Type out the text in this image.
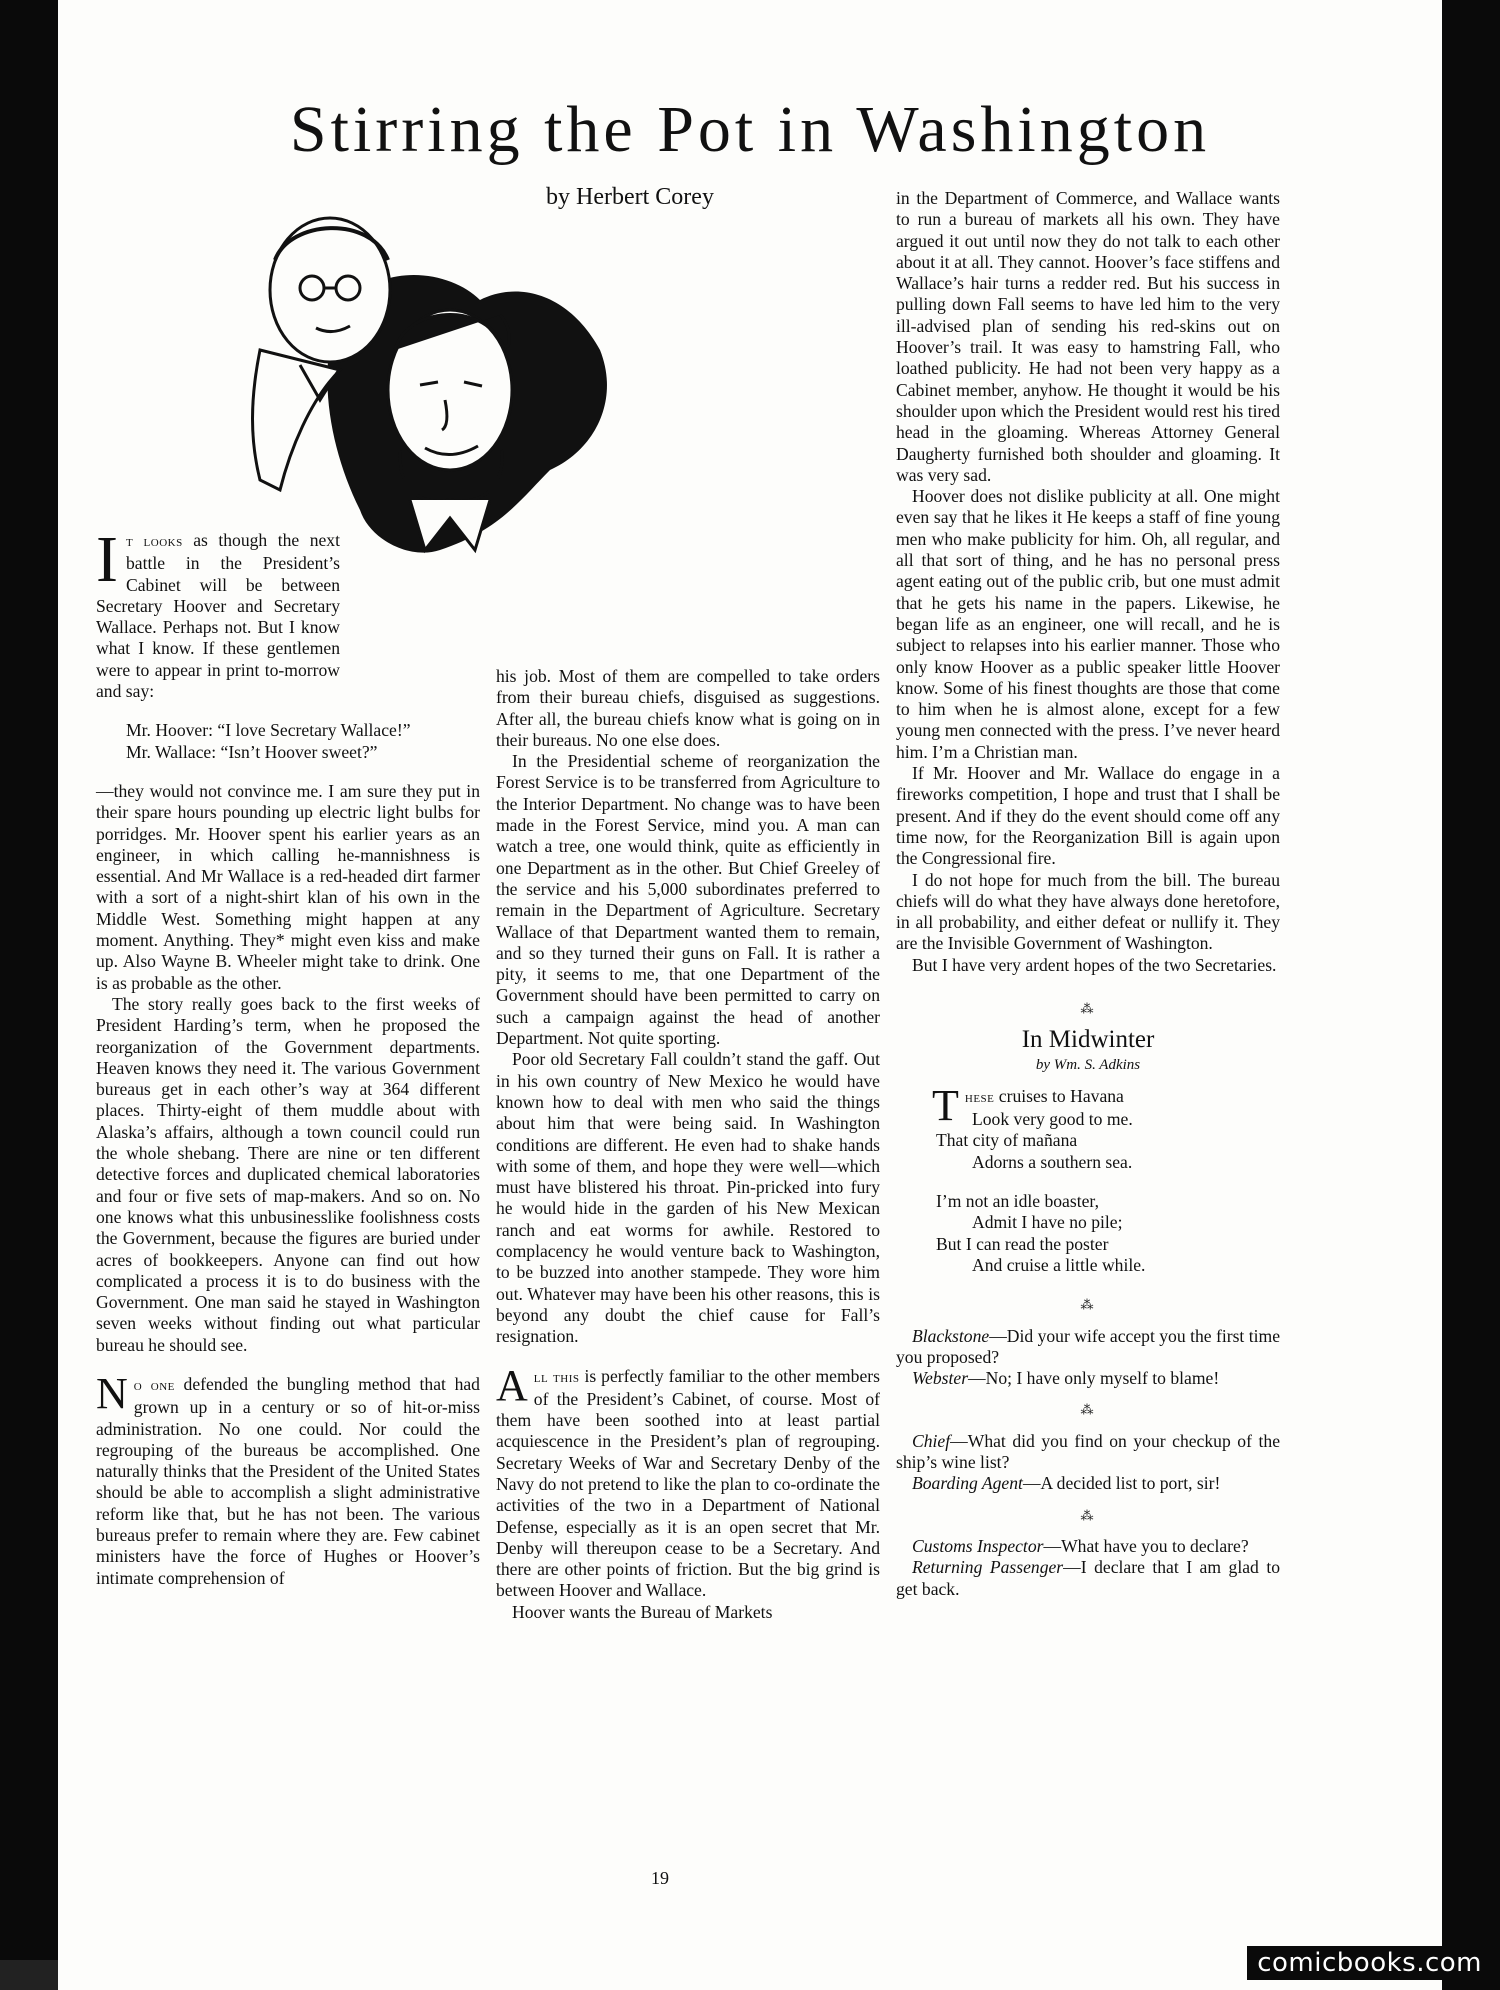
Stirring the Pot in Washington
by Herbert Corey

It looks as though the next battle in the President’s Cabinet will be between Secretary Hoover and Secretary Wallace. Perhaps not. But I know what I know. If these gentlemen were to appear in print to-morrow and say:

Mr. Hoover: “I love Secretary Wallace!”

Mr. Wallace: “Isn’t Hoover sweet?”

—they would not convince me. I am sure they put in their spare hours pounding up electric light bulbs for porridges. Mr. Hoover spent his earlier years as an engineer, in which calling he-mannishness is essential. And Mr Wallace is a red-headed dirt farmer with a sort of a night-shirt klan of his own in the Middle West. Something might happen at any moment. Anything. They* might even kiss and make up. Also Wayne B. Wheeler might take to drink. One is as probable as the other.

The story really goes back to the first weeks of President Harding’s term, when he proposed the reorganization of the Government departments. Heaven knows they need it. The various Government bureaus get in each other’s way at 364 different places. Thirty-eight of them muddle about with Alaska’s affairs, although a town council could run the whole shebang. There are nine or ten different detective forces and duplicated chemical laboratories and four or five sets of map-makers. And so on. No one knows what this unbusinesslike foolishness costs the Government, because the figures are buried under acres of bookkeepers. Anyone can find out how complicated a process it is to do business with the Government. One man said he stayed in Washington seven weeks without finding out what particular bureau he should see.

No one defended the bungling method that had grown up in a century or so of hit-or-miss administration. No one could. Nor could the regrouping of the bureaus be accomplished. One naturally thinks that the President of the United States should be able to accomplish a slight administrative reform like that, but he has not been. The various bureaus prefer to remain where they are. Few cabinet ministers have the force of Hughes or Hoover’s intimate comprehension of

his job. Most of them are compelled to take orders from their bureau chiefs, disguised as suggestions. After all, the bureau chiefs know what is going on in their bureaus. No one else does.

In the Presidential scheme of reorganization the Forest Service is to be transferred from Agriculture to the Interior Department. No change was to have been made in the Forest Service, mind you. A man can watch a tree, one would think, quite as efficiently in one Department as in the other. But Chief Greeley of the service and his 5,000 subordinates preferred to remain in the Department of Agriculture. Secretary Wallace of that Department wanted them to remain, and so they turned their guns on Fall. It is rather a pity, it seems to me, that one Department of the Government should have been permitted to carry on such a campaign against the head of another Department. Not quite sporting.

Poor old Secretary Fall couldn’t stand the gaff. Out in his own country of New Mexico he would have known how to deal with men who said the things about him that were being said. In Washington conditions are different. He even had to shake hands with some of them, and hope they were well—which must have blistered his throat. Pin-pricked into fury he would hide in the garden of his New Mexican ranch and eat worms for awhile. Restored to complacency he would venture back to Washington, to be buzzed into another stampede. They wore him out. Whatever may have been his other reasons, this is beyond any doubt the chief cause for Fall’s resignation.

All this is perfectly familiar to the other members of the President’s Cabinet, of course. Most of them have been soothed into at least partial acquiescence in the President’s plan of regrouping. Secretary Weeks of War and Secretary Denby of the Navy do not pretend to like the plan to co-ordinate the activities of the two in a Department of National Defense, especially as it is an open secret that Mr. Denby will thereupon cease to be a Secretary. And there are other points of friction. But the big grind is between Hoover and Wallace.

Hoover wants the Bureau of Markets

in the Department of Commerce, and Wallace wants to run a bureau of markets all his own. They have argued it out until now they do not talk to each other about it at all. They cannot. Hoover’s face stiffens and Wallace’s hair turns a redder red. But his success in pulling down Fall seems to have led him to the very ill-advised plan of sending his red-skins out on Hoover’s trail. It was easy to hamstring Fall, who loathed publicity. He had not been very happy as a Cabinet member, anyhow. He thought it would be his shoulder upon which the President would rest his tired head in the gloaming. Whereas Attorney General Daugherty furnished both shoulder and gloaming. It was very sad.

Hoover does not dislike publicity at all. One might even say that he likes it He keeps a staff of fine young men who make publicity for him. Oh, all regular, and all that sort of thing, and he has no personal press agent eating out of the public crib, but one must admit that he gets his name in the papers. Likewise, he began life as an engineer, one will recall, and he is subject to relapses into his earlier manner. Those who only know Hoover as a public speaker little Hoover know. Some of his finest thoughts are those that come to him when he is almost alone, except for a few young men connected with the press. I’ve never heard him. I’m a Christian man.

If Mr. Hoover and Mr. Wallace do engage in a fireworks competition, I hope and trust that I shall be present. And if they do the event should come off any time now, for the Reorganization Bill is again upon the Congressional fire.

I do not hope for much from the bill. The bureau chiefs will do what they have always done heretofore, in all probability, and either defeat or nullify it. They are the Invisible Government of Washington.

But I have very ardent hopes of the two Secretaries.

⁂
In Midwinter
by Wm. S. Adkins

These cruises to Havana

Look very good to me.

That city of mañana

Adorns a southern sea.

I’m not an idle boaster,

Admit I have no pile;

But I can read the poster

And cruise a little while.

⁂

Blackstone—Did your wife accept you the first time you proposed?

Webster—No; I have only myself to blame!

⁂

Chief—What did you find on your checkup of the ship’s wine list?

Boarding Agent—A decided list to port, sir!

⁂

Customs Inspector—What have you to declare?

Returning Passenger—I declare that I am glad to get back.

19
comicbooks.com
